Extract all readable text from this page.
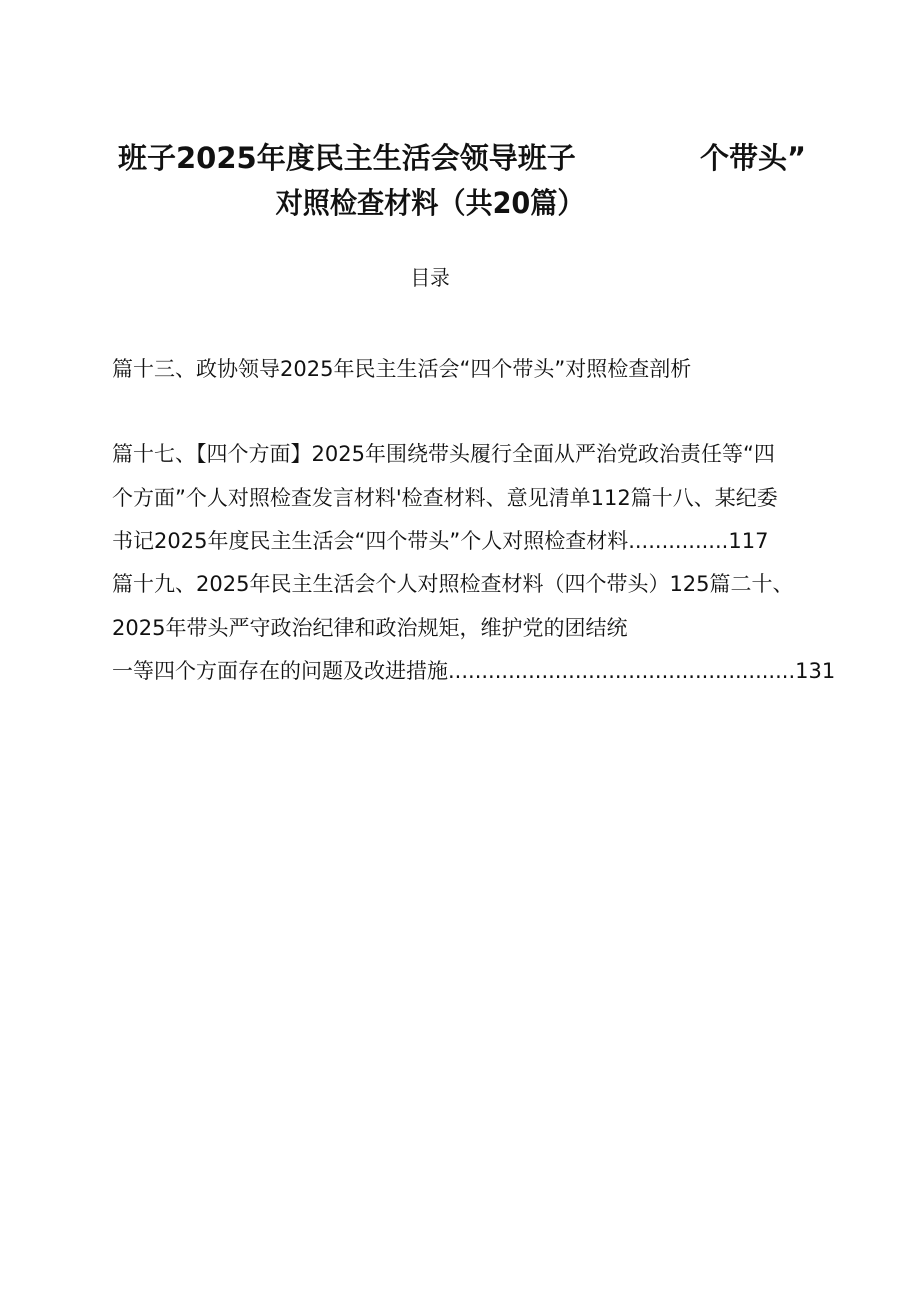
班子2025年度民主生活会领导班子	个带头”
对照检查材料（共20篇）
目录
篇十三、政协领导2025年民主生活会“四个带头”对照检查剖析
篇十七、【四个方面】2025年围绕带头履行全面从严治党政治责任等“四
个方面”个人对照检查发言材料'检查材料、意见清单112篇十八、某纪委
书记2025年度民主生活会“四个带头”个人对照检查材料...............117
篇十九、2025年民主生活会个人对照检查材料（四个带头）125篇二十、
2025年带头严守政治纪律和政治规矩，维护党的团结统
一等四个方面存在的问题及改进措施....................................................131
